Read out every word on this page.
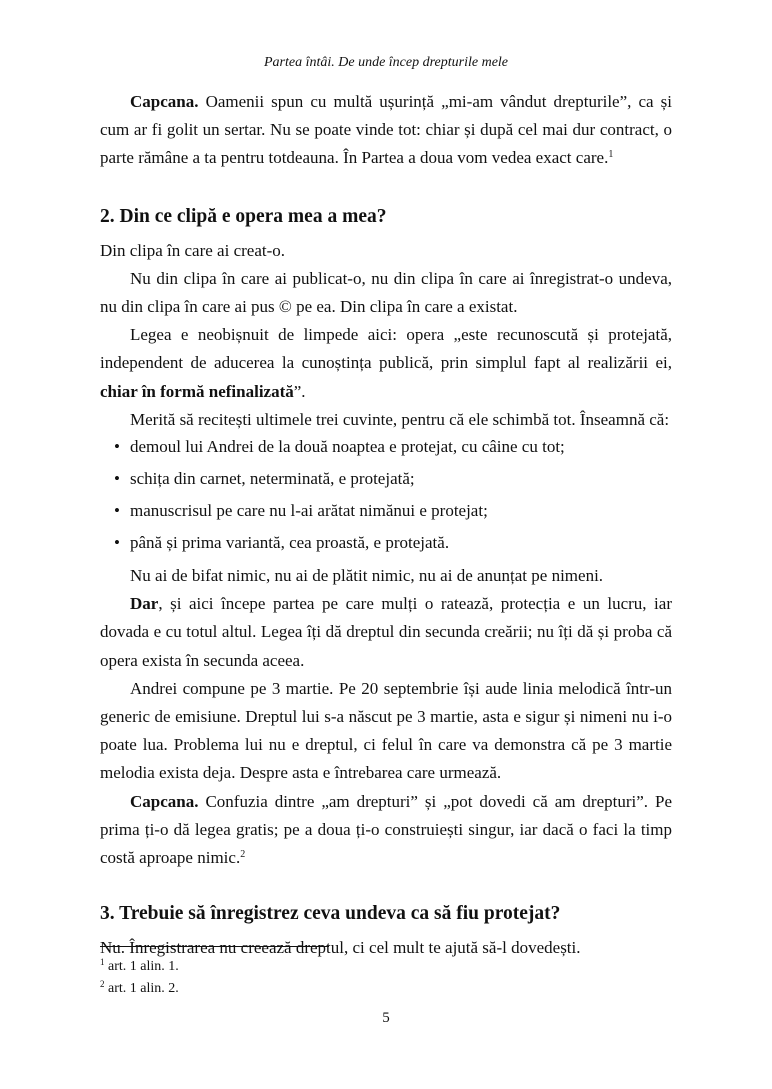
Partea întâi. De unde încep drepturile mele

Capcana. Oamenii spun cu multă ușurință „mi-am vândut drepturile”, ca și cum ar fi golit un sertar. Nu se poate vinde tot: chiar și după cel mai dur contract, o parte rămâne a ta pentru totdeauna. În Partea a doua vom vedea exact care.$^1$

2. Din ce clipă e opera mea a mea?

Din clipa în care ai creat-o.

Nu din clipa în care ai publicat-o, nu din clipa în care ai înregistrat-o undeva, nu din clipa în care ai pus © pe ea. Din clipa în care a existat.

Legea e neobișnuit de limpede aici: opera „este recunoscută și protejată, independent de aducerea la cunoștința publică, prin simplul fapt al realizării ei, chiar în formă nefinalizată”.

Merită să recitești ultimele trei cuvinte, pentru că ele schimbă tot. Înseamnă că:

• demoul lui Andrei de la două noaptea e protejat, cu câine cu tot;
• schița din carnet, neterminată, e protejată;
• manuscrisul pe care nu l-ai arătat nimănui e protejat;
• până și prima variantă, cea proastă, e protejată.

Nu ai de bifat nimic, nu ai de plătit nimic, nu ai de anunțat pe nimeni.

Dar, și aici începe partea pe care mulți o ratează, protecția e un lucru, iar dovada e cu totul altul. Legea îți dă dreptul din secunda creării; nu îți dă și proba că opera exista în secunda aceea.

Andrei compune pe 3 martie. Pe 20 septembrie își aude linia melodică într-un generic de emisiune. Dreptul lui s-a născut pe 3 martie, asta e sigur și nimeni nu i-o poate lua. Problema lui nu e dreptul, ci felul în care va demonstra că pe 3 martie melodia exista deja. Despre asta e întrebarea care urmează.

Capcana. Confuzia dintre „am drepturi” și „pot dovedi că am drepturi”. Pe prima ți-o dă legea gratis; pe a doua ți-o construiești singur, iar dacă o faci la timp costă aproape nimic.$^2$

3. Trebuie să înregistrez ceva undeva ca să fiu protejat?

Nu. Înregistrarea nu creează dreptul, ci cel mult te ajută să-l dovedești.

$^1$ art. 1 alin. 1.
$^2$ art. 1 alin. 2.
5
